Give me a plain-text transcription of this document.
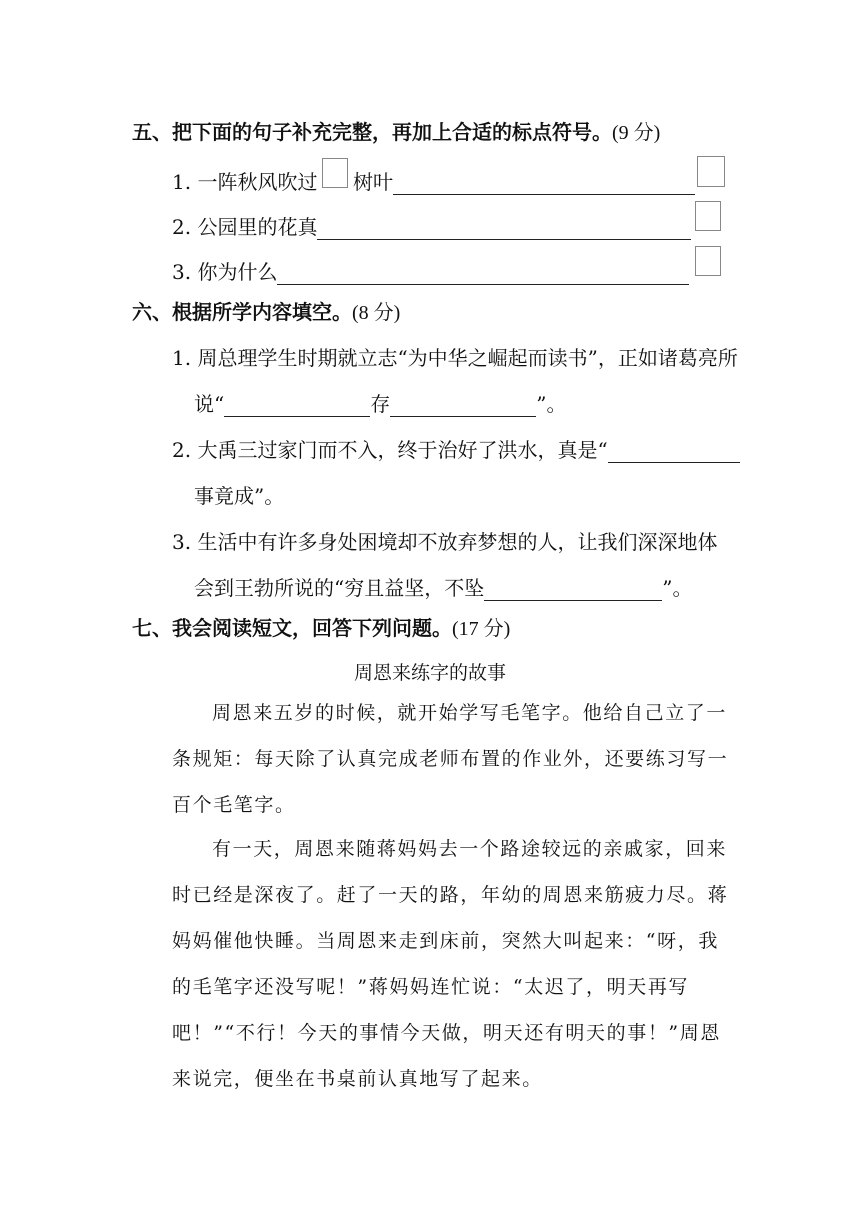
五、把下面的句子补充完整，再加上合适的标点符号。(9 分)
1. 一阵秋风吹过 树叶
2. 公园里的花真
3. 你为什么
六、根据所学内容填空。(8 分)
1. 周总理学生时期就立志“为中华之崛起而读书”，正如诸葛亮所
说“	存	”。
2. 大禹三过家门而不入，终于治好了洪水，真是“
事竟成”。
3. 生活中有许多身处困境却不放弃梦想的人，让我们深深地体
会到王勃所说的“穷且益坚，不坠	”。
七、我会阅读短文，回答下列问题。(17 分)
周恩来练字的故事
周恩来五岁的时候，就开始学写毛笔字。他给自己立了一条规矩：每天除了认真完成老师布置的作业外，还要练习写一百个毛笔字。
有一天，周恩来随蒋妈妈去一个路途较远的亲戚家，回来时已经是深夜了。赶了一天的路，年幼的周恩来筋疲力尽。蒋妈妈催他快睡。当周恩来走到床前，突然大叫起来：“呀，我的毛笔字还没写呢！”蒋妈妈连忙说：“太迟了，明天再写吧！”“不行！今天的事情今天做，明天还有明天的事！”周恩来说完，便坐在书桌前认真地写了起来。
